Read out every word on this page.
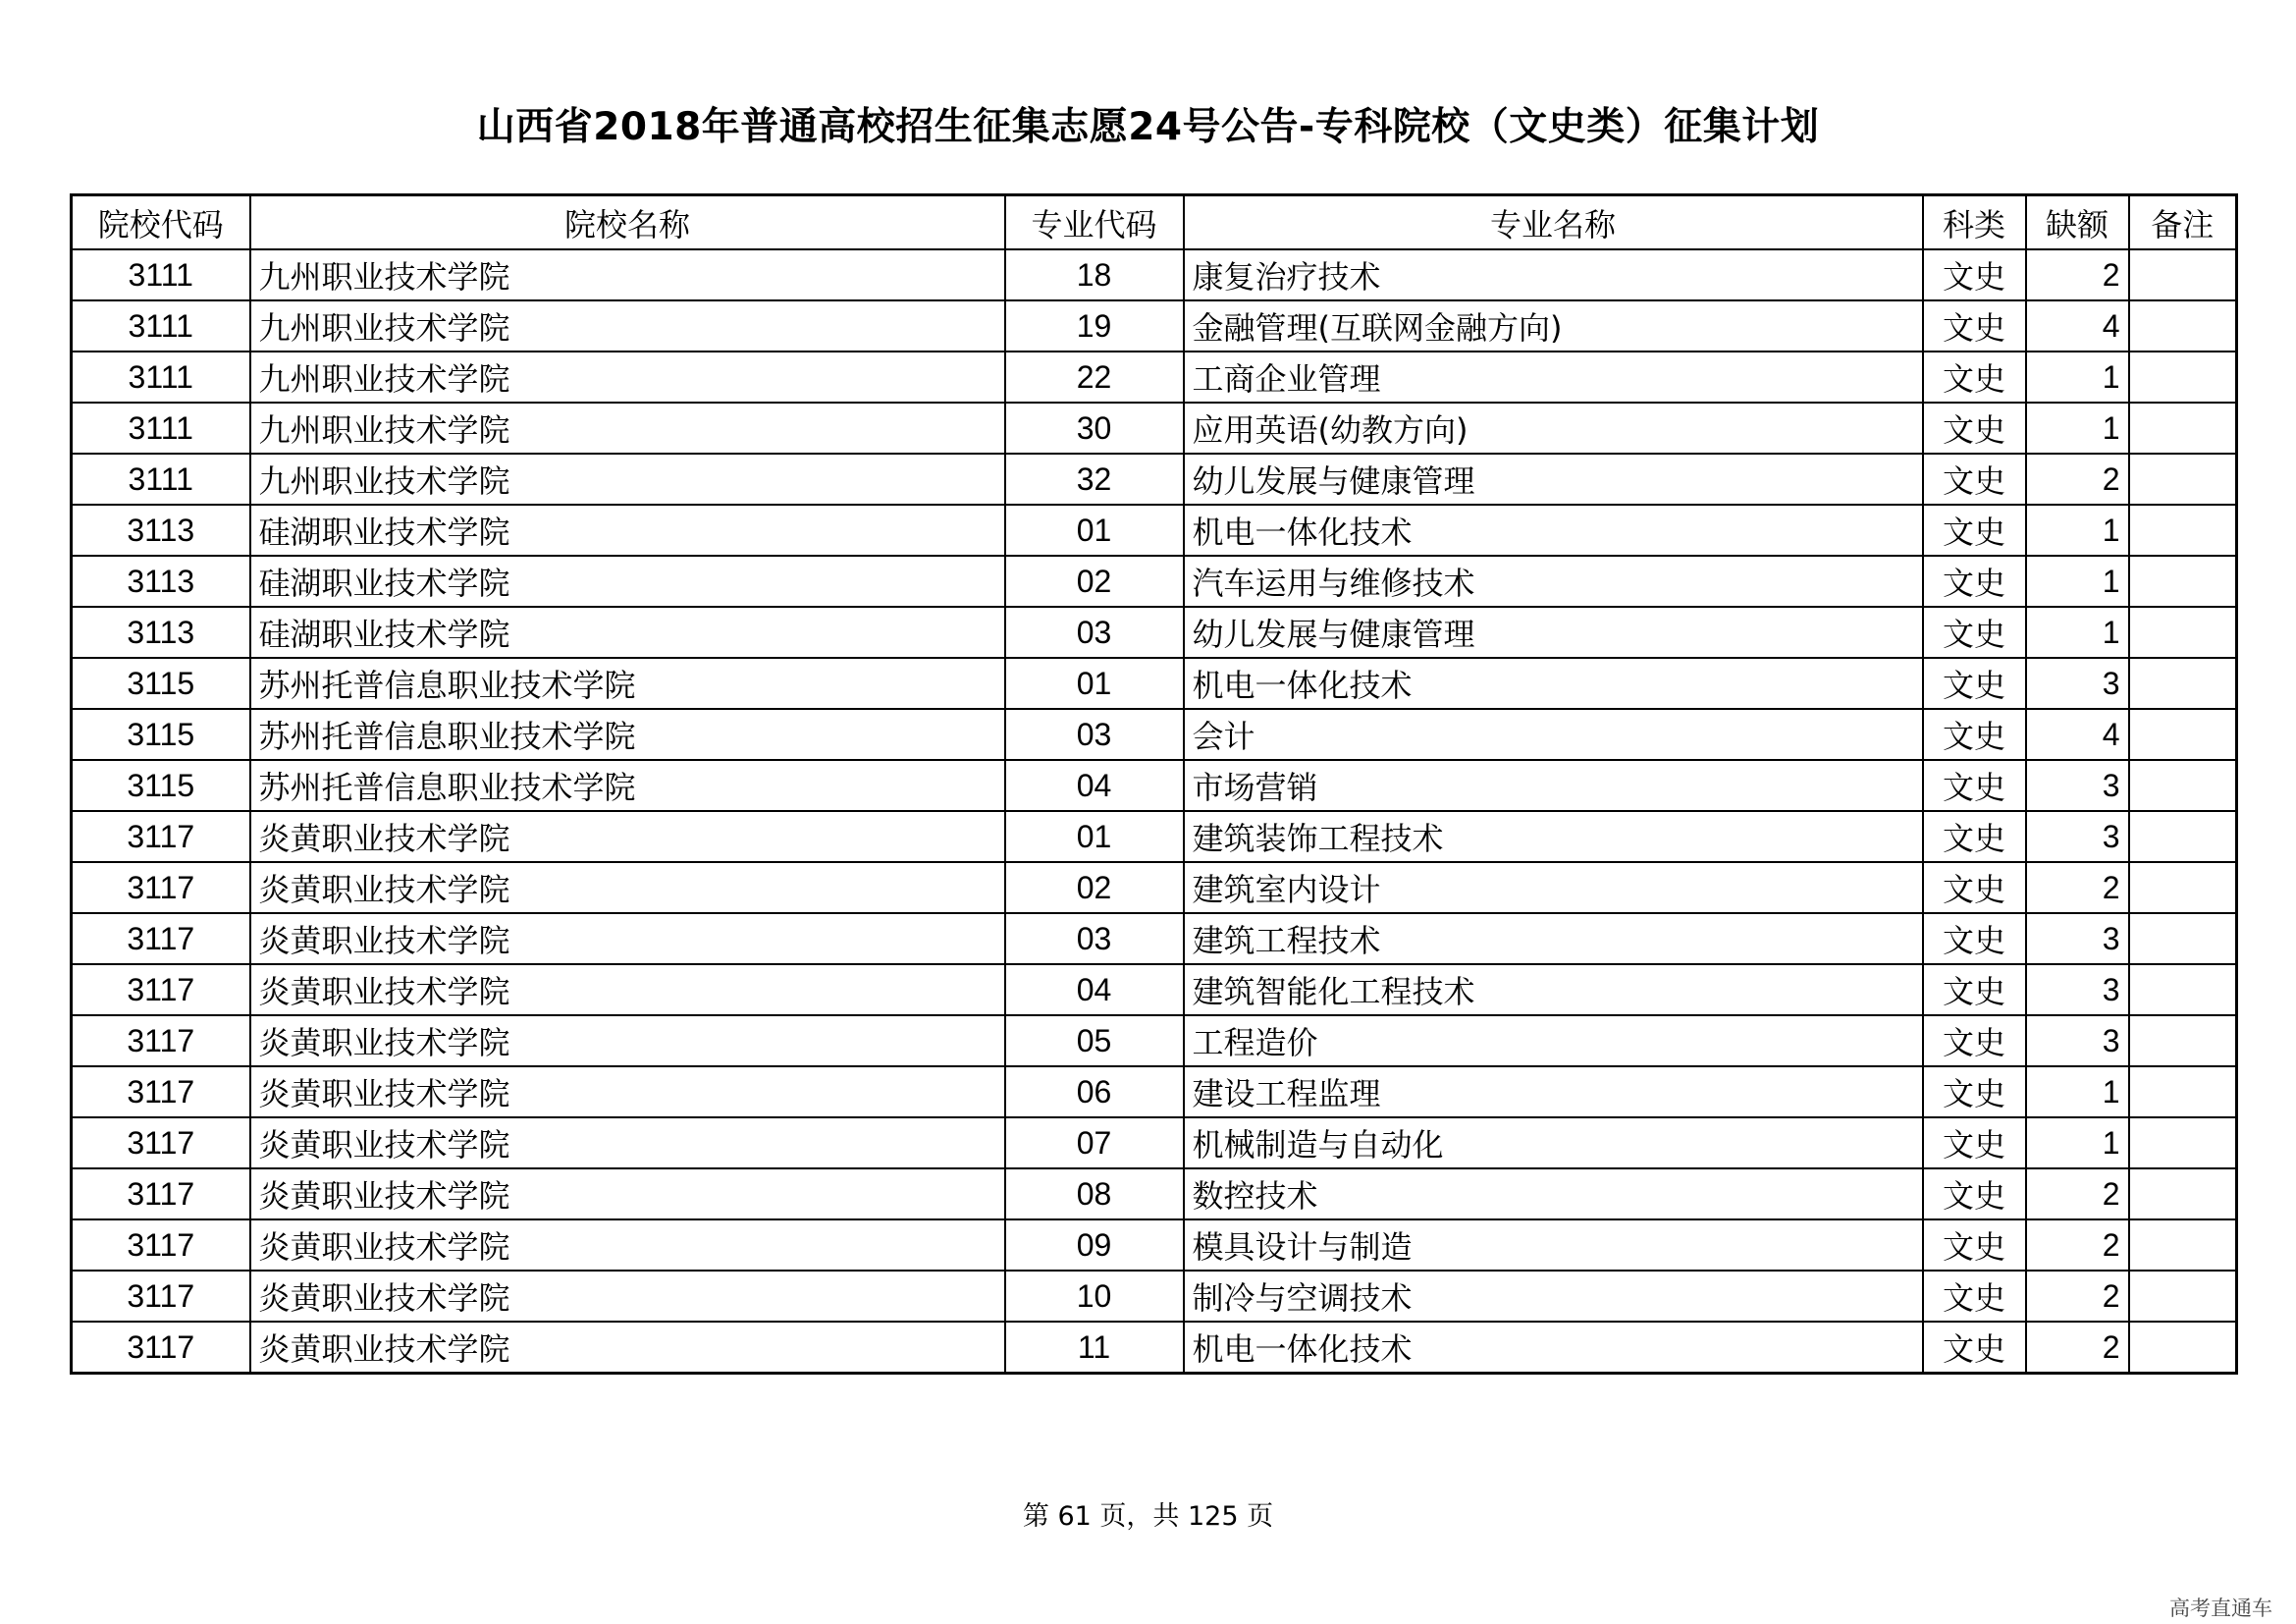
山西省2018年普通高校招生征集志愿24号公告-专科院校（文史类）征集计划
院校代码	院校名称	专业代码	专业名称	科类	缺额	备注
3111	九州职业技术学院	18	康复治疗技术	文史	2	
3111	九州职业技术学院	19	金融管理(互联网金融方向)	文史	4	
3111	九州职业技术学院	22	工商企业管理	文史	1	
3111	九州职业技术学院	30	应用英语(幼教方向)	文史	1	
3111	九州职业技术学院	32	幼儿发展与健康管理	文史	2	
3113	硅湖职业技术学院	01	机电一体化技术	文史	1	
3113	硅湖职业技术学院	02	汽车运用与维修技术	文史	1	
3113	硅湖职业技术学院	03	幼儿发展与健康管理	文史	1	
3115	苏州托普信息职业技术学院	01	机电一体化技术	文史	3	
3115	苏州托普信息职业技术学院	03	会计	文史	4	
3115	苏州托普信息职业技术学院	04	市场营销	文史	3	
3117	炎黄职业技术学院	01	建筑装饰工程技术	文史	3	
3117	炎黄职业技术学院	02	建筑室内设计	文史	2	
3117	炎黄职业技术学院	03	建筑工程技术	文史	3	
3117	炎黄职业技术学院	04	建筑智能化工程技术	文史	3	
3117	炎黄职业技术学院	05	工程造价	文史	3	
3117	炎黄职业技术学院	06	建设工程监理	文史	1	
3117	炎黄职业技术学院	07	机械制造与自动化	文史	1	
3117	炎黄职业技术学院	08	数控技术	文史	2	
3117	炎黄职业技术学院	09	模具设计与制造	文史	2	
3117	炎黄职业技术学院	10	制冷与空调技术	文史	2	
3117	炎黄职业技术学院	11	机电一体化技术	文史	2	
第 61 页，共 125 页
高考直通车
